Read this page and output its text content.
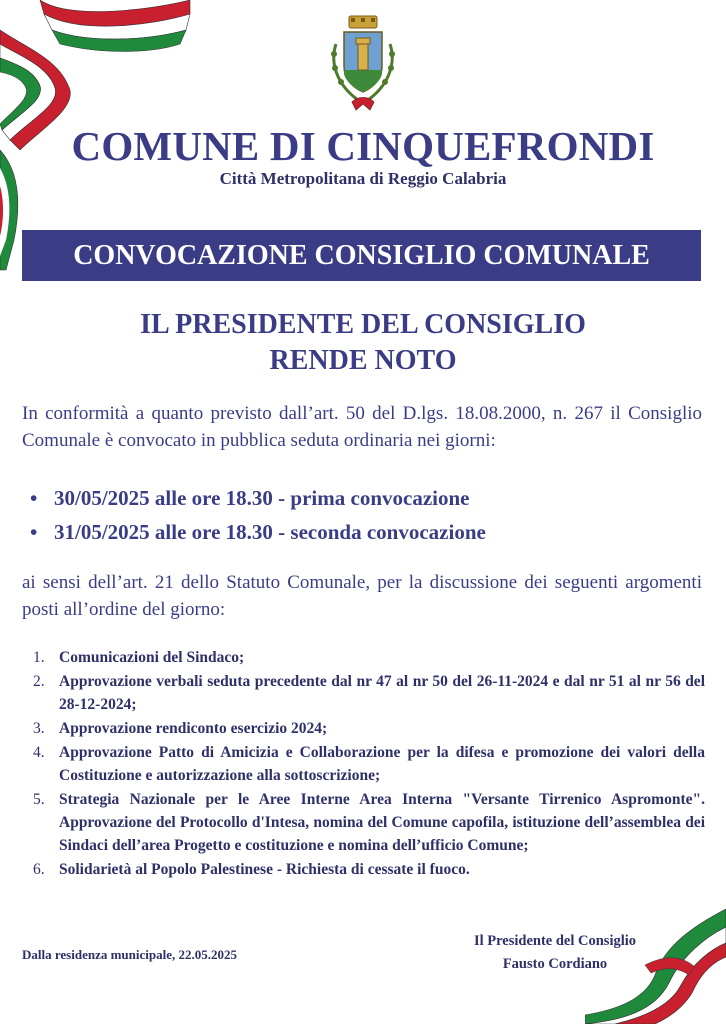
COMUNE DI CINQUEFRONDI
Città Metropolitana di Reggio Calabria
CONVOCAZIONE CONSIGLIO COMUNALE
IL PRESIDENTE DEL CONSIGLIO
RENDE NOTO
In conformità a quanto previsto dall’art. 50 del D.lgs. 18.08.2000, n. 267 il Consiglio Comunale è convocato in pubblica seduta ordinaria nei giorni:
• 30/05/2025 alle ore 18.30 - prima convocazione
• 31/05/2025 alle ore 18.30 - seconda convocazione
ai sensi dell’art. 21 dello Statuto Comunale, per la discussione dei seguenti argomenti posti all’ordine del giorno:
1. Comunicazioni del Sindaco;
2. Approvazione verbali seduta precedente dal nr 47 al nr 50 del 26-11-2024 e dal nr 51 al nr 56 del 28-12-2024;
3. Approvazione rendiconto esercizio 2024;
4. Approvazione Patto di Amicizia e Collaborazione per la difesa e promozione dei valori della Costituzione e autorizzazione alla sottoscrizione;
5. Strategia Nazionale per le Aree Interne Area Interna "Versante Tirrenico Aspromonte". Approvazione del Protocollo d'Intesa, nomina del Comune capofila, istituzione dell’assemblea dei Sindaci dell’area Progetto e costituzione e nomina dell’ufficio Comune;
6. Solidarietà al Popolo Palestinese - Richiesta di cessate il fuoco.
Dalla residenza municipale, 22.05.2025
Il Presidente del Consiglio
Fausto Cordiano
